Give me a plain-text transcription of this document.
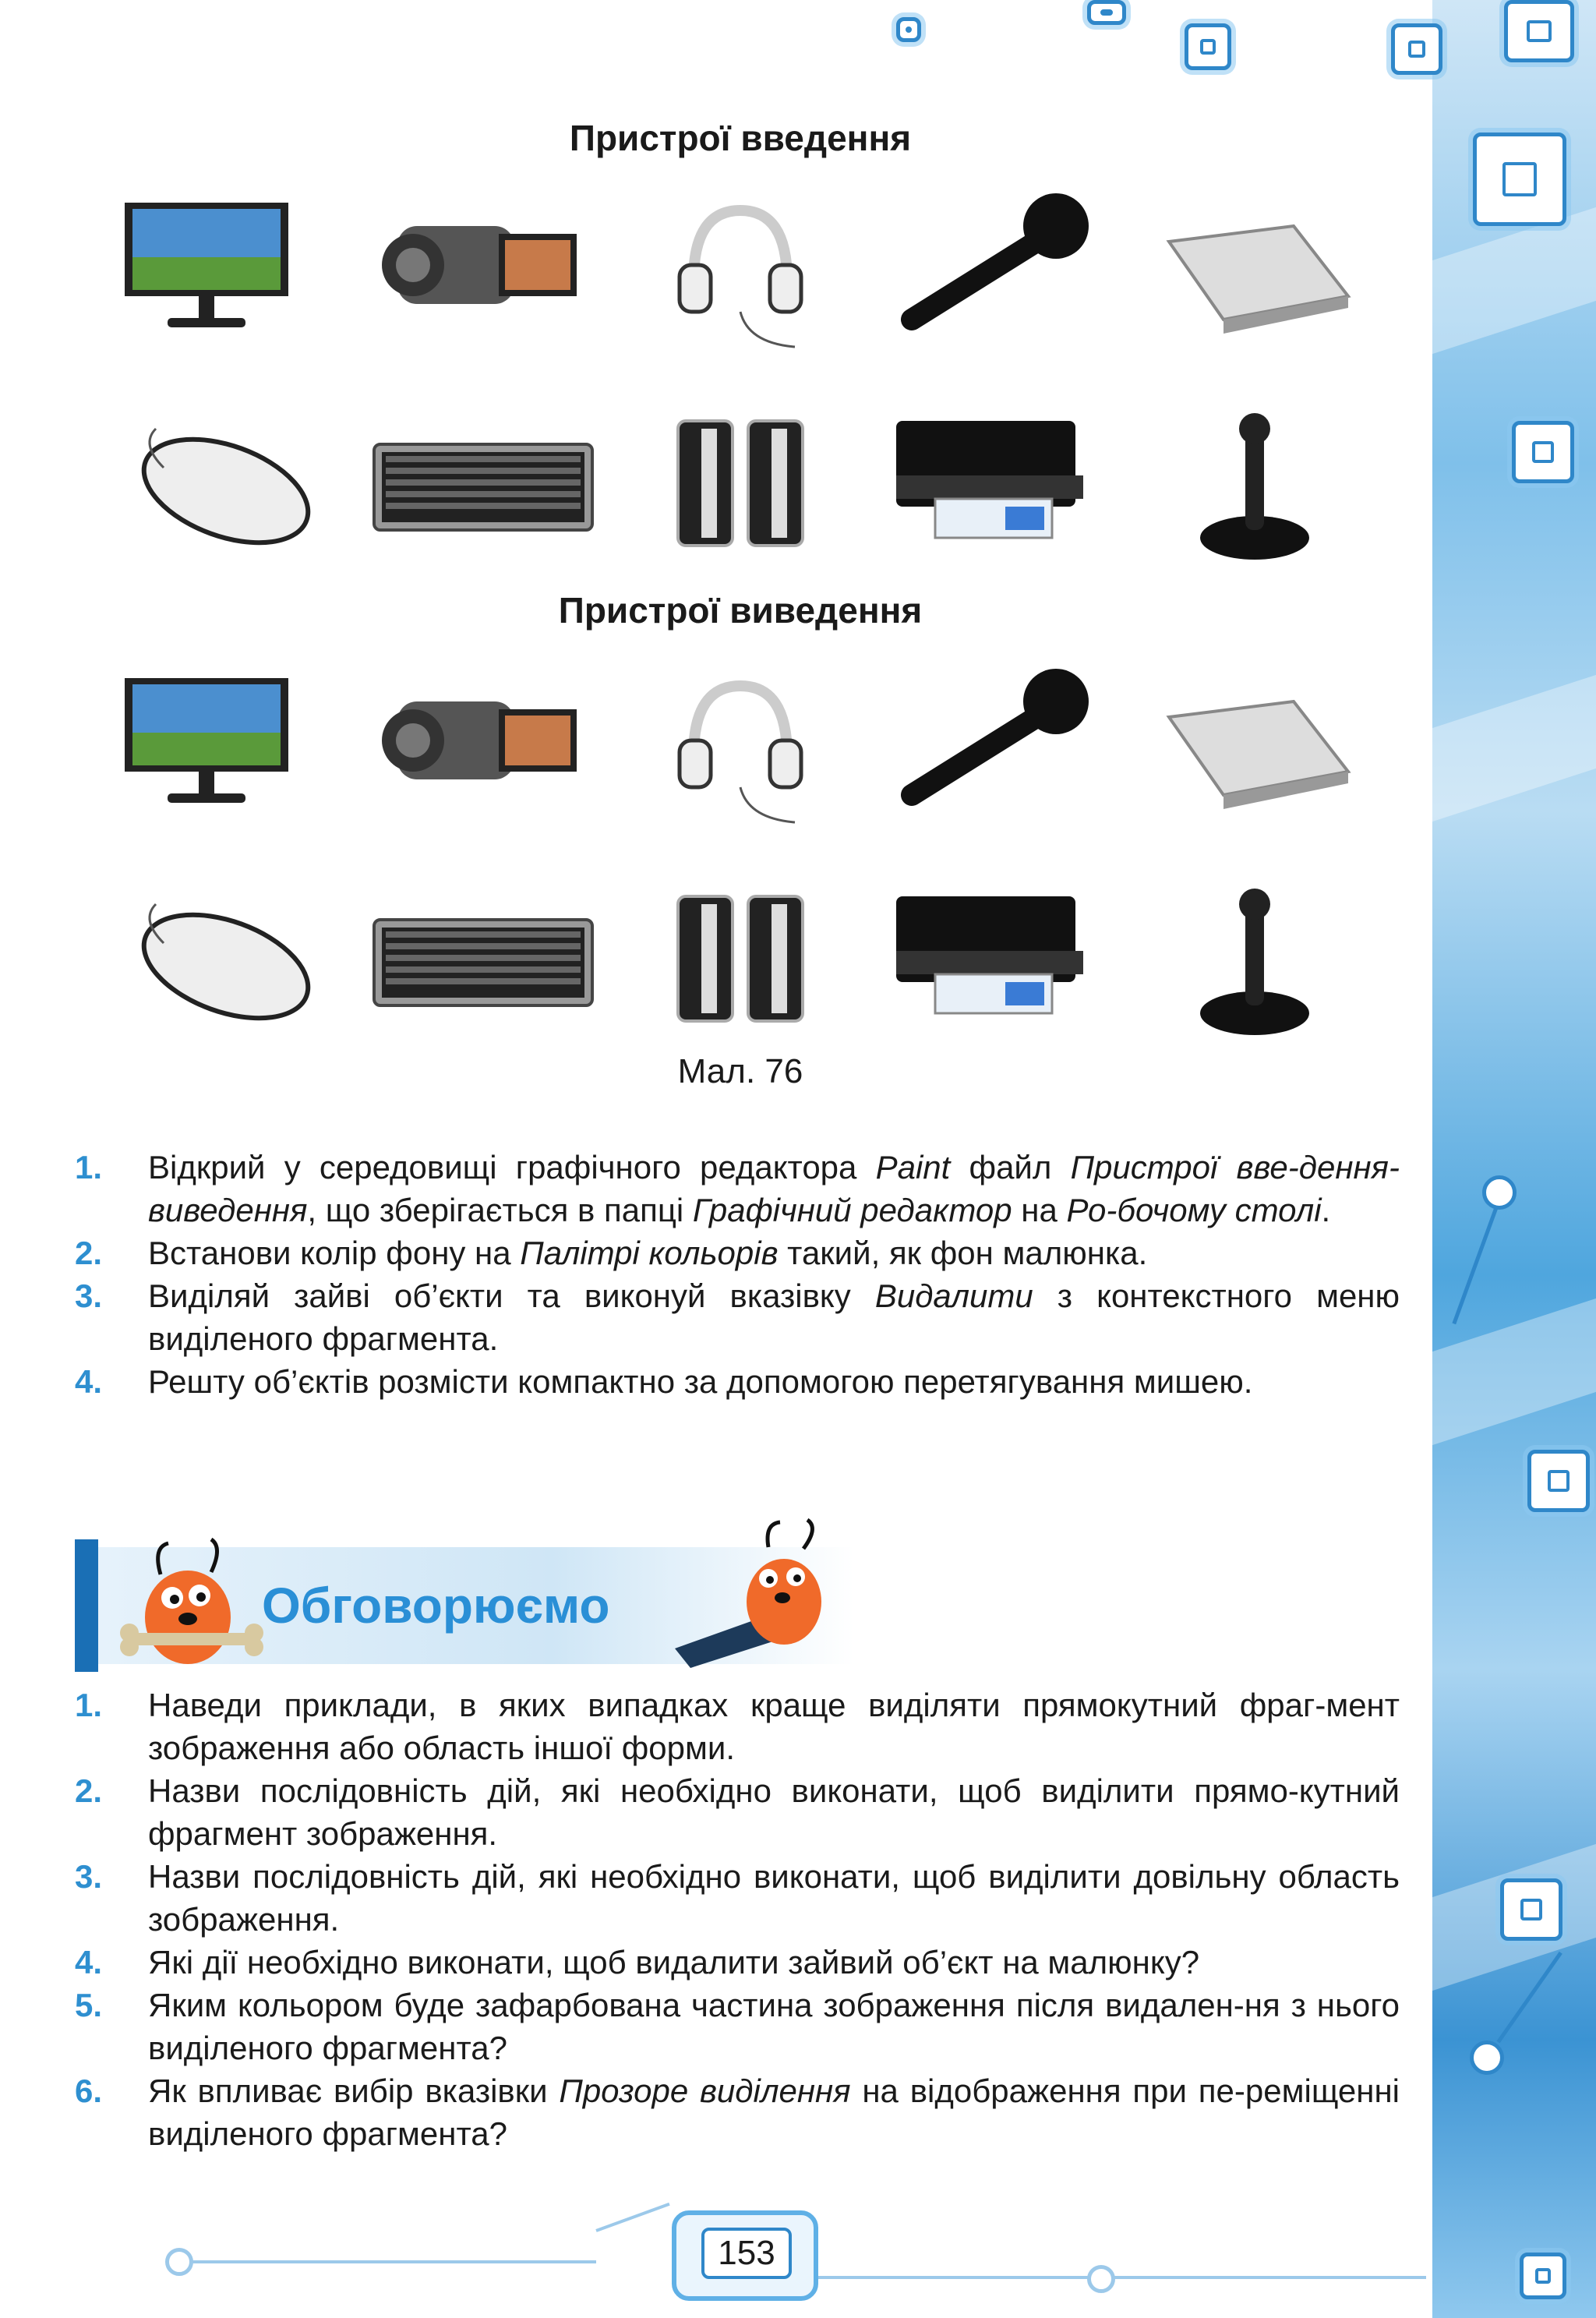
Пристрої введення
Пристрої виведення
Мал. 76
1. Відкрий у середовищі графічного редактора Paint файл Пристрої вве-дення-виведення, що зберігається в папці Графічний редактор на Ро-бочому столі.
2. Встанови колір фону на Палітрі кольорів такий, як фон малюнка.
3. Виділяй зайві об’єкти та виконуй вказівку Видалити з контекстного меню виділеного фрагмента.
4. Решту об’єктів розмісти компактно за допомогою перетягування мишею.
Обговорюємо
1. Наведи приклади, в яких випадках краще виділяти прямокутний фраг-мент зображення або область іншої форми.
2. Назви послідовність дій, які необхідно виконати, щоб виділити прямо-кутний фрагмент зображення.
3. Назви послідовність дій, які необхідно виконати, щоб виділити довільну область зображення.
4. Які дії необхідно виконати, щоб видалити зайвий об’єкт на малюнку?
5. Яким кольором буде зафарбована частина зображення після видален-ня з нього виділеного фрагмента?
6. Як впливає вибір вказівки Прозоре виділення на відображення при пе-реміщенні виділеного фрагмента?
153
